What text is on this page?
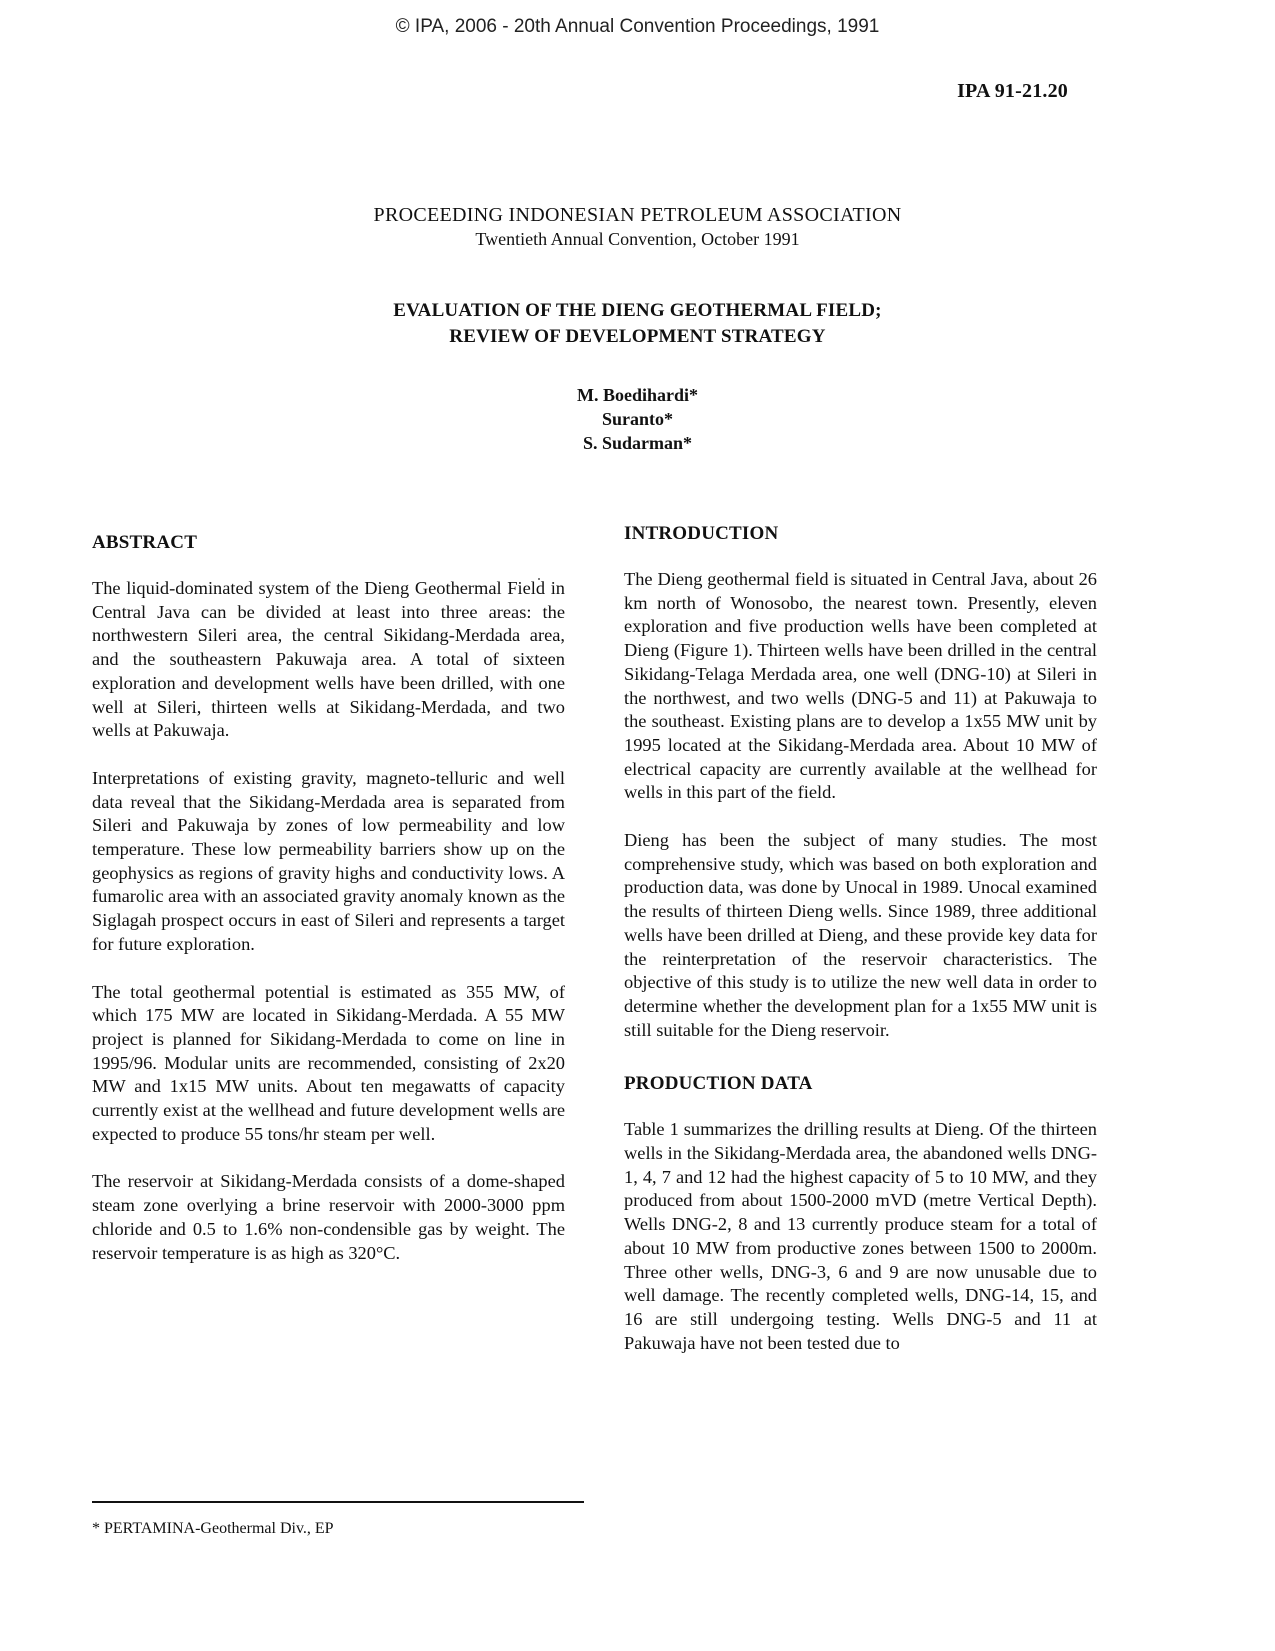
© IPA, 2006 - 20th Annual Convention Proceedings, 1991
IPA 91-21.20
PROCEEDING INDONESIAN PETROLEUM ASSOCIATION
Twentieth Annual Convention, October 1991
EVALUATION OF THE DIENG GEOTHERMAL FIELD;
REVIEW OF DEVELOPMENT STRATEGY
M. Boedihardi*
Suranto*
S. Sudarman*
ABSTRACT

The liquid-dominated system of the Dieng Geothermal Field in Central Java can be divided at least into three areas: the northwestern Sileri area, the central Sikidang-Merdada area, and the southeastern Pakuwaja area. A total of sixteen exploration and development wells have been drilled, with one well at Sileri, thirteen wells at Sikidang-Merdada, and two wells at Pakuwaja.

Interpretations of existing gravity, magneto-telluric and well data reveal that the Sikidang-Merdada area is separated from Sileri and Pakuwaja by zones of low permeability and low temperature. These low permeability barriers show up on the geophysics as regions of gravity highs and conductivity lows. A fumarolic area with an associated gravity anomaly known as the Siglagah prospect occurs in east of Sileri and represents a target for future exploration.

The total geothermal potential is estimated as 355 MW, of which 175 MW are located in Sikidang-Merdada. A 55 MW project is planned for Sikidang-Merdada to come on line in 1995/96. Modular units are recommended, consisting of 2x20 MW and 1x15 MW units. About ten megawatts of capacity currently exist at the wellhead and future development wells are expected to produce 55 tons/hr steam per well.

The reservoir at Sikidang-Merdada consists of a dome-shaped steam zone overlying a brine reservoir with 2000-3000 ppm chloride and 0.5 to 1.6% non-condensible gas by weight. The reservoir temperature is as high as 320°C.

INTRODUCTION

The Dieng geothermal field is situated in Central Java, about 26 km north of Wonosobo, the nearest town. Presently, eleven exploration and five production wells have been completed at Dieng (Figure 1). Thirteen wells have been drilled in the central Sikidang-Telaga Merdada area, one well (DNG-10) at Sileri in the northwest, and two wells (DNG-5 and 11) at Pakuwaja to the southeast. Existing plans are to develop a 1x55 MW unit by 1995 located at the Sikidang-Merdada area. About 10 MW of electrical capacity are currently available at the wellhead for wells in this part of the field.

Dieng has been the subject of many studies. The most comprehensive study, which was based on both exploration and production data, was done by Unocal in 1989. Unocal examined the results of thirteen Dieng wells. Since 1989, three additional wells have been drilled at Dieng, and these provide key data for the reinterpretation of the reservoir characteristics. The objective of this study is to utilize the new well data in order to determine whether the development plan for a 1x55 MW unit is still suitable for the Dieng reservoir.

PRODUCTION DATA

Table 1 summarizes the drilling results at Dieng. Of the thirteen wells in the Sikidang-Merdada area, the abandoned wells DNG-1, 4, 7 and 12 had the highest capacity of 5 to 10 MW, and they produced from about 1500-2000 mVD (metre Vertical Depth). Wells DNG-2, 8 and 13 currently produce steam for a total of about 10 MW from productive zones between 1500 to 2000m. Three other wells, DNG-3, 6 and 9 are now unusable due to well damage. The recently completed wells, DNG-14, 15, and 16 are still undergoing testing. Wells DNG-5 and 11 at Pakuwaja have not been tested due to

* PERTAMINA-Geothermal Div., EP
